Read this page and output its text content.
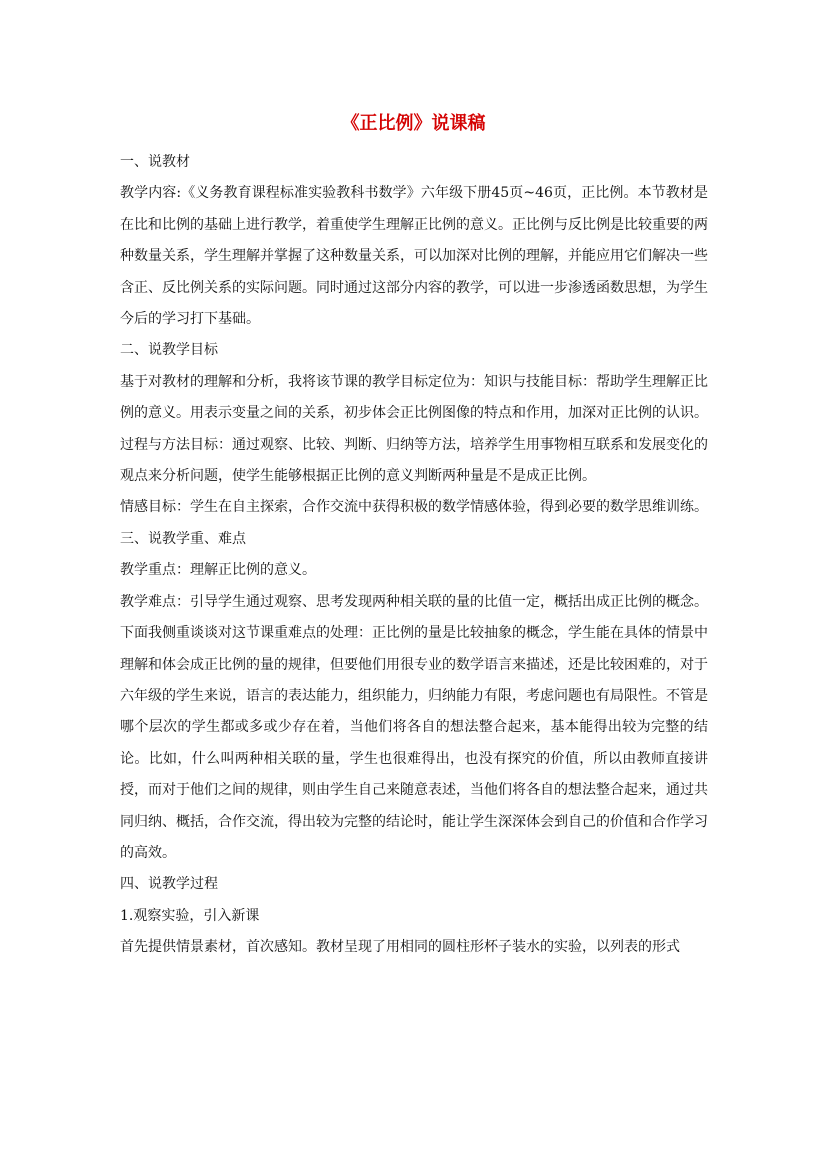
《正比例》说课稿

一、说教材

教学内容:《义务教育课程标准实验教科书数学》六年级下册45页~46页，正比例。本节教材是在比和比例的基础上进行教学，着重使学生理解正比例的意义。正比例与反比例是比较重要的两种数量关系，学生理解并掌握了这种数量关系，可以加深对比例的理解，并能应用它们解决一些含正、反比例关系的实际问题。同时通过这部分内容的教学，可以进一步渗透函数思想，为学生今后的学习打下基础。

二、说教学目标

基于对教材的理解和分析，我将该节课的教学目标定位为：知识与技能目标：帮助学生理解正比例的意义。用表示变量之间的关系，初步体会正比例图像的特点和作用，加深对正比例的认识。

过程与方法目标：通过观察、比较、判断、归纳等方法，培养学生用事物相互联系和发展变化的观点来分析问题，使学生能够根据正比例的意义判断两种量是不是成正比例。

情感目标：学生在自主探索，合作交流中获得积极的数学情感体验，得到必要的数学思维训练。

三、说教学重、难点

教学重点：理解正比例的意义。

教学难点：引导学生通过观察、思考发现两种相关联的量的比值一定，概括出成正比例的概念。下面我侧重谈谈对这节课重难点的处理：正比例的量是比较抽象的概念，学生能在具体的情景中理解和体会成正比例的量的规律，但要他们用很专业的数学语言来描述，还是比较困难的，对于六年级的学生来说，语言的表达能力，组织能力，归纳能力有限，考虑问题也有局限性。不管是哪个层次的学生都或多或少存在着，当他们将各自的想法整合起来，基本能得出较为完整的结论。比如，什么叫两种相关联的量，学生也很难得出，也没有探究的价值，所以由教师直接讲授，而对于他们之间的规律，则由学生自己来随意表述，当他们将各自的想法整合起来，通过共同归纳、概括，合作交流，得出较为完整的结论时，能让学生深深体会到自己的价值和合作学习的高效。

四、说教学过程

1.观察实验，引入新课

首先提供情景素材，首次感知。教材呈现了用相同的圆柱形杯子装水的实验，以列表的形式
